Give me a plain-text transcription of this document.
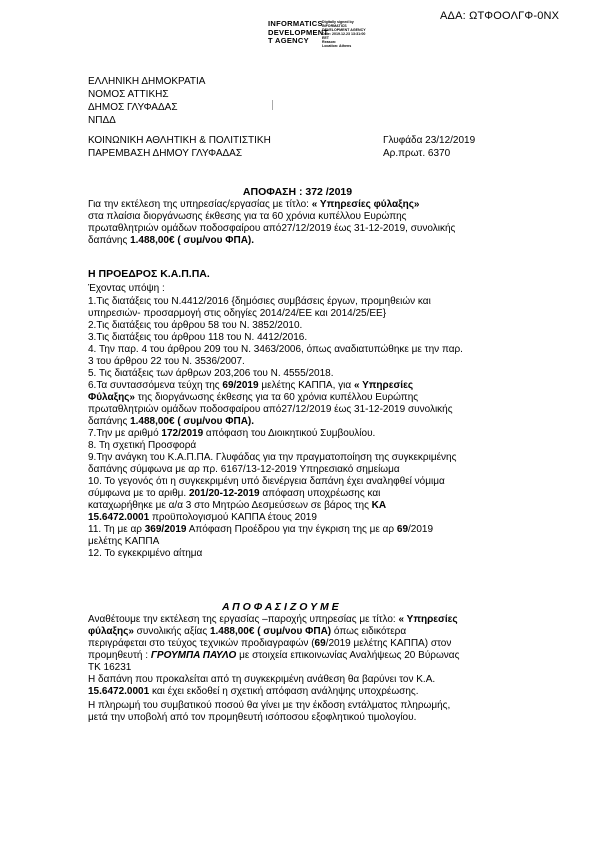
ΑΔΑ: ΩΤΦΟΟΛΓΦ-0ΝΧ
INFORMATICS
DEVELOPMENT
T AGENCY
Digitally signed by
INFORMATICS
DEVELOPMENT AGENCY
Date: 2019.12.23 13:31:00
EET
Reason:
Location: Athens
ΕΛΛΗΝΙΚΗ ΔΗΜΟΚΡΑΤΙΑ
ΝΟΜΟΣ ΑΤΤΙΚΗΣ
ΔΗΜΟΣ ΓΛΥΦΑΔΑΣ
ΝΠΔΔ
ΚΟΙΝΩΝΙΚΗ ΑΘΛΗΤΙΚΗ & ΠΟΛΙΤΙΣΤΙΚΗ
ΠΑΡΕΜΒΑΣΗ ΔΗΜΟΥ ΓΛΥΦΑΔΑΣ
Γλυφάδα 23/12/2019
Αρ.πρωτ. 6370
ΑΠΟΦΑΣΗ : 372 /2019
Για την εκτέλεση της υπηρεσίας/εργασίας με τίτλο: « Υπηρεσίες φύλαξης»
στα πλαίσια διοργάνωσης έκθεσης για τα 60 χρόνια κυπέλλου Ευρώπης
πρωταθλητριών ομάδων ποδοσφαίρου από27/12/2019 έως 31-12-2019, συνολικής
δαπάνης 1.488,00€ ( συμ/νου ΦΠΑ).
Η ΠΡΟΕΔΡΟΣ Κ.Α.Π.ΠΑ.
Έχοντας υπόψη :
1.Τις διατάξεις του Ν.4412/2016 {δημόσιες συμβάσεις έργων, προμηθειών και
υπηρεσιών- προσαρμογή στις οδηγίες 2014/24/ΕΕ και 2014/25/ΕΕ}
2.Τις διατάξεις του άρθρου 58 του Ν. 3852/2010.
3.Τις διατάξεις του άρθρου 118 του Ν. 4412/2016.
4. Την παρ. 4 του άρθρου 209 του Ν. 3463/2006, όπως αναδιατυπώθηκε με την παρ.
3 του άρθρου 22 του Ν. 3536/2007.
5. Τις διατάξεις των άρθρων 203,206 του Ν. 4555/2018.
6.Τα συντασσόμενα τεύχη της 69/2019 μελέτης ΚΑΠΠΑ, για « Υπηρεσίες
Φύλαξης» της διοργάνωσης έκθεσης για τα 60 χρόνια κυπέλλου Ευρώπης
πρωταθλητριών ομάδων ποδοσφαίρου από27/12/2019 έως 31-12-2019 συνολικής
δαπάνης 1.488,00€ ( συμ/νου ΦΠΑ).
7.Την με αριθμό 172/2019 απόφαση του Διοικητικού Συμβουλίου.
8. Τη σχετική Προσφορά
9.Την ανάγκη του Κ.Α.Π.ΠΑ. Γλυφάδας για την πραγματοποίηση της συγκεκριμένης
δαπάνης σύμφωνα με αρ πρ. 6167/13-12-2019 Υπηρεσιακό σημείωμα
10. Το γεγονός ότι η συγκεκριμένη υπό διενέργεια δαπάνη έχει αναληφθεί νόμιμα
σύμφωνα με το αριθμ. 201/20-12-2019 απόφαση υποχρέωσης και
καταχωρήθηκε με α/α 3 στο Μητρώο Δεσμεύσεων σε βάρος της ΚΑ
15.6472.0001 προϋπολογισμού ΚΑΠΠΑ έτους 2019
11. Τη με αρ 369/2019 Απόφαση Προέδρου για την έγκριση της με αρ 69/2019
μελέτης ΚΑΠΠΑ
12. Το εγκεκριμένο αίτημα
Α Π Ο Φ Α Σ Ι Ζ Ο Υ Μ Ε
Αναθέτουμε την εκτέλεση της εργασίας –παροχής υπηρεσίας με τίτλο: « Υπηρεσίες
φύλαξης» συνολικής αξίας 1.488,00€ ( συμ/νου ΦΠΑ) όπως ειδικότερα
περιγράφεται στο τεύχος τεχνικών προδιαγραφών (69/2019 μελέτης ΚΑΠΠΑ) στον
προμηθευτή : ΓΡΟΥΜΠΑ ΠΑΥΛΟ με στοιχεία επικοινωνίας Αναλήψεως 20 Βύρωνας
ΤΚ 16231
Η δαπάνη που προκαλείται από τη συγκεκριμένη ανάθεση θα βαρύνει τον Κ.Α.
15.6472.0001 και έχει εκδοθεί η σχετική απόφαση ανάληψης υποχρέωσης.
Η πληρωμή του συμβατικού ποσού θα γίνει με την έκδοση εντάλματος πληρωμής,
μετά την υποβολή από τον προμηθευτή ισόποσου εξοφλητικού τιμολογίου.
